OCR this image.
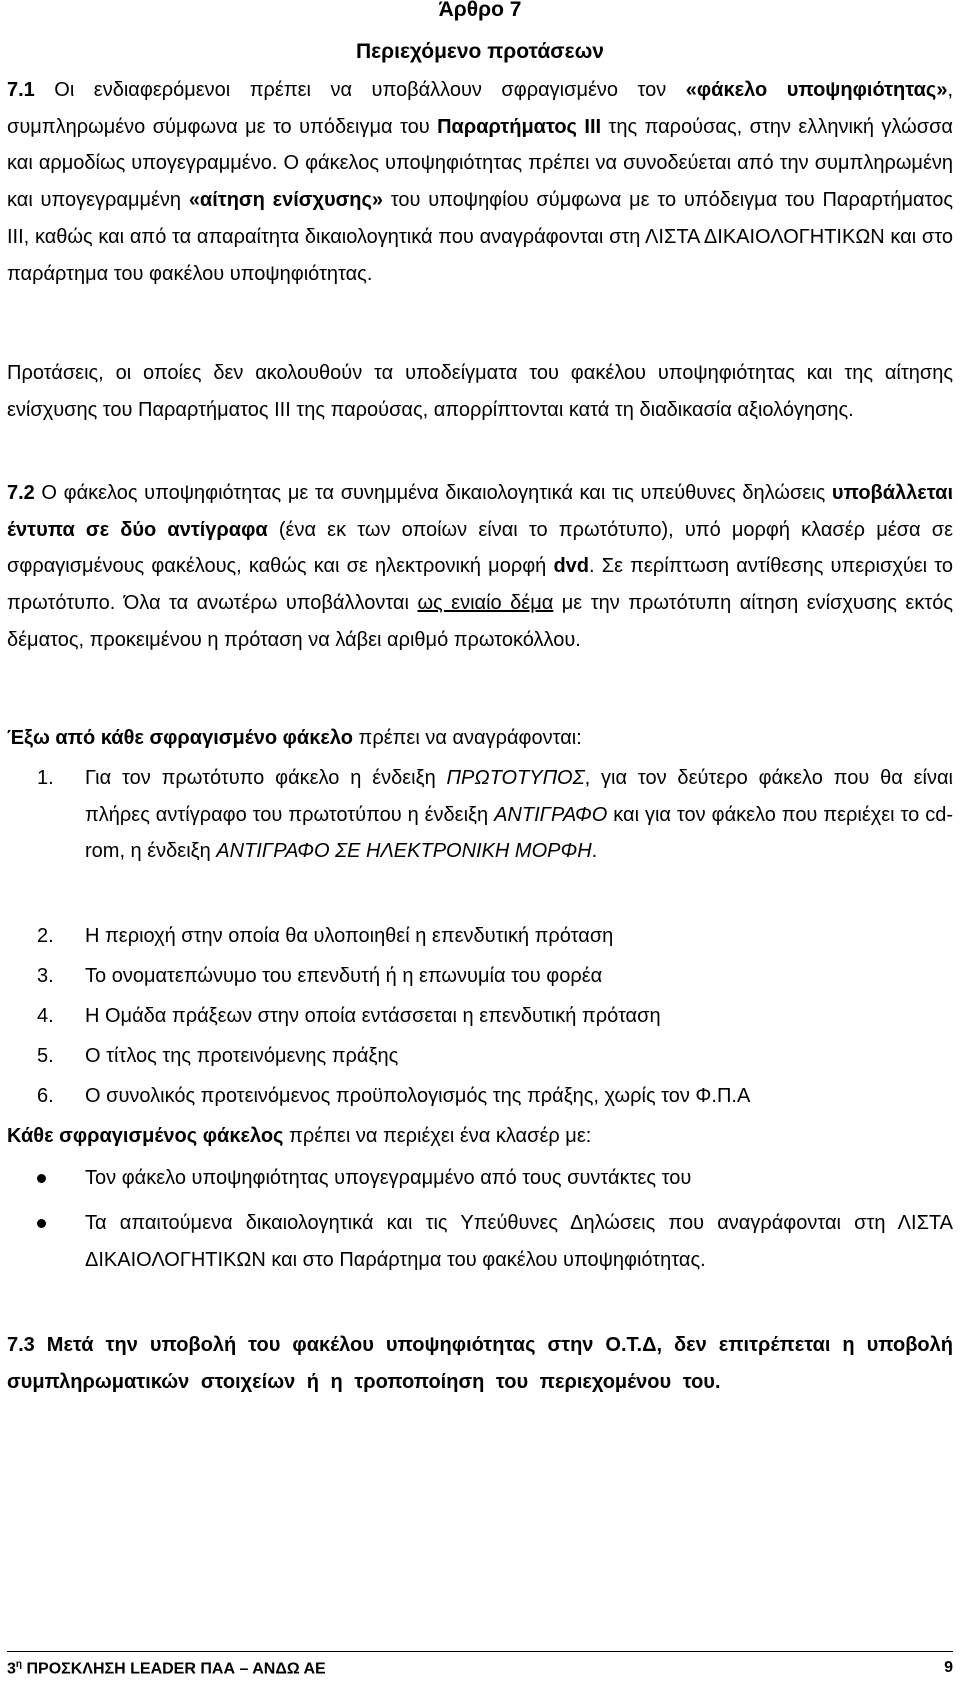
Άρθρο 7
Περιεχόμενο προτάσεων
7.1 Οι ενδιαφερόμενοι πρέπει να υποβάλλουν σφραγισμένο τον «φάκελο υποψηφιότητας», συμπληρωμένο σύμφωνα με το υπόδειγμα του Παραρτήματος ΙΙΙ της παρούσας, στην ελληνική γλώσσα και αρμοδίως υπογεγραμμένο. Ο φάκελος υποψηφιότητας πρέπει να συνοδεύεται από την συμπληρωμένη και υπογεγραμμένη «αίτηση ενίσχυσης» του υποψηφίου σύμφωνα με το υπόδειγμα του Παραρτήματος ΙΙΙ, καθώς και από τα απαραίτητα δικαιολογητικά που αναγράφονται στη ΛΙΣΤΑ ΔΙΚΑΙΟΛΟΓΗΤΙΚΩΝ και στο παράρτημα του φακέλου υποψηφιότητας.
Προτάσεις, οι οποίες δεν ακολουθούν τα υποδείγματα του φακέλου υποψηφιότητας και της αίτησης ενίσχυσης του Παραρτήματος ΙΙΙ της παρούσας, απορρίπτονται κατά τη διαδικασία αξιολόγησης.
7.2 Ο φάκελος υποψηφιότητας με τα συνημμένα δικαιολογητικά και τις υπεύθυνες δηλώσεις υποβάλλεται έντυπα σε δύο αντίγραφα (ένα εκ των οποίων είναι το πρωτότυπο), υπό μορφή κλασέρ μέσα σε σφραγισμένους φακέλους, καθώς και σε ηλεκτρονική μορφή dvd. Σε περίπτωση αντίθεσης υπερισχύει το πρωτότυπο. Όλα τα ανωτέρω υποβάλλονται ως ενιαίο δέμα με την πρωτότυπη αίτηση ενίσχυσης εκτός δέματος, προκειμένου η πρόταση να λάβει αριθμό πρωτοκόλλου.
Έξω από κάθε σφραγισμένο φάκελο πρέπει να αναγράφονται:
1.	Για τον πρωτότυπο φάκελο η ένδειξη ΠΡΩΤΟΤΥΠΟΣ, για τον δεύτερο φάκελο που θα είναι πλήρες αντίγραφο του πρωτοτύπου η ένδειξη ΑΝΤΙΓΡΑΦΟ και για τον φάκελο που περιέχει το cd- rom, η ένδειξη ΑΝΤΙΓΡΑΦΟ ΣΕ ΗΛΕΚΤΡΟΝΙΚΗ ΜΟΡΦΗ.
2.	Η περιοχή στην οποία θα υλοποιηθεί η επενδυτική πρόταση
3.	Το ονοματεπώνυμο του επενδυτή ή η επωνυμία του φορέα
4.	Η Ομάδα πράξεων στην οποία εντάσσεται η επενδυτική πρόταση
5.	Ο τίτλος της προτεινόμενης πράξης
6.	Ο συνολικός προτεινόμενος προϋπολογισμός της πράξης, χωρίς τον Φ.Π.Α
Κάθε σφραγισμένος φάκελος πρέπει να περιέχει ένα κλασέρ με:
Τον φάκελο υποψηφιότητας υπογεγραμμένο από τους συντάκτες του
Τα απαιτούμενα δικαιολογητικά και τις Υπεύθυνες Δηλώσεις που αναγράφονται στη ΛΙΣΤΑ ΔΙΚΑΙΟΛΟΓΗΤΙΚΩΝ και στο Παράρτημα του φακέλου υποψηφιότητας.
7.3 Μετά την υποβολή του φακέλου υποψηφιότητας στην Ο.Τ.Δ, δεν επιτρέπεται η υποβολή συμπληρωματικών στοιχείων ή η τροποποίηση του περιεχομένου του.
$3^\eta$ ΠΡΟΣΚΛΗΣΗ LEADER ΠΑΑ – ΑΝΔΩ ΑΕ	9
